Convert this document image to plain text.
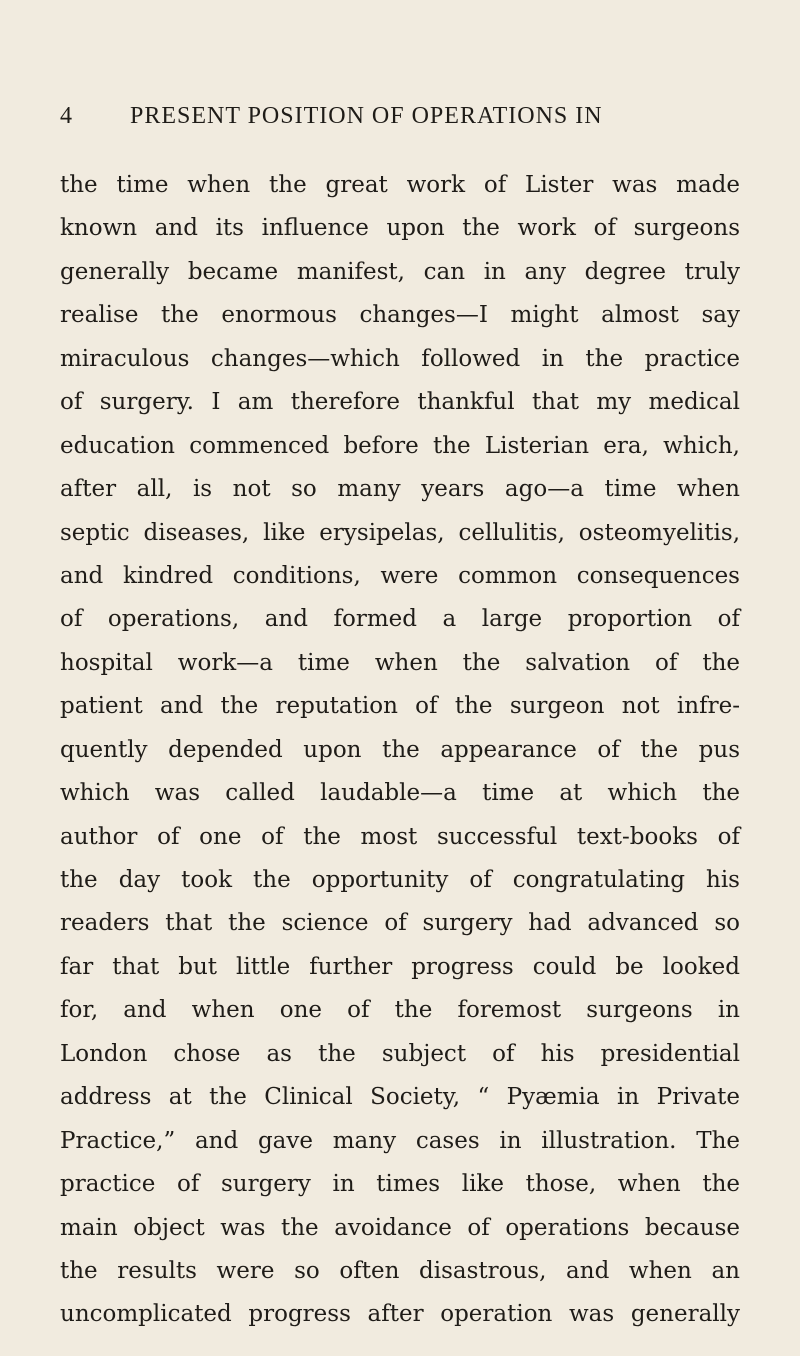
4 PRESENT POSITION OF OPERATIONS IN
the time when the great work of Lister was made
known and its influence upon the work of surgeons
generally became manifest, can in any degree truly
realise the enormous changes—I might almost say
miraculous changes—which followed in the practice
of surgery. I am therefore thankful that my medical
education commenced before the Listerian era, which,
after all, is not so many years ago—a time when
septic diseases, like erysipelas, cellulitis, osteomyelitis,
and kindred conditions, were common consequences
of operations, and formed a large proportion of
hospital work—a time when the salvation of the
patient and the reputation of the surgeon not infre-
quently depended upon the appearance of the pus
which was called laudable—a time at which the
author of one of the most successful text-books of
the day took the opportunity of congratulating his
readers that the science of surgery had advanced so
far that but little further progress could be looked
for, and when one of the foremost surgeons in
London chose as the subject of his presidential
address at the Clinical Society, “ Pyæmia in Private
Practice,” and gave many cases in illustration. The
practice of surgery in times like those, when the
main object was the avoidance of operations because
the results were so often disastrous, and when an
uncomplicated progress after operation was generally
